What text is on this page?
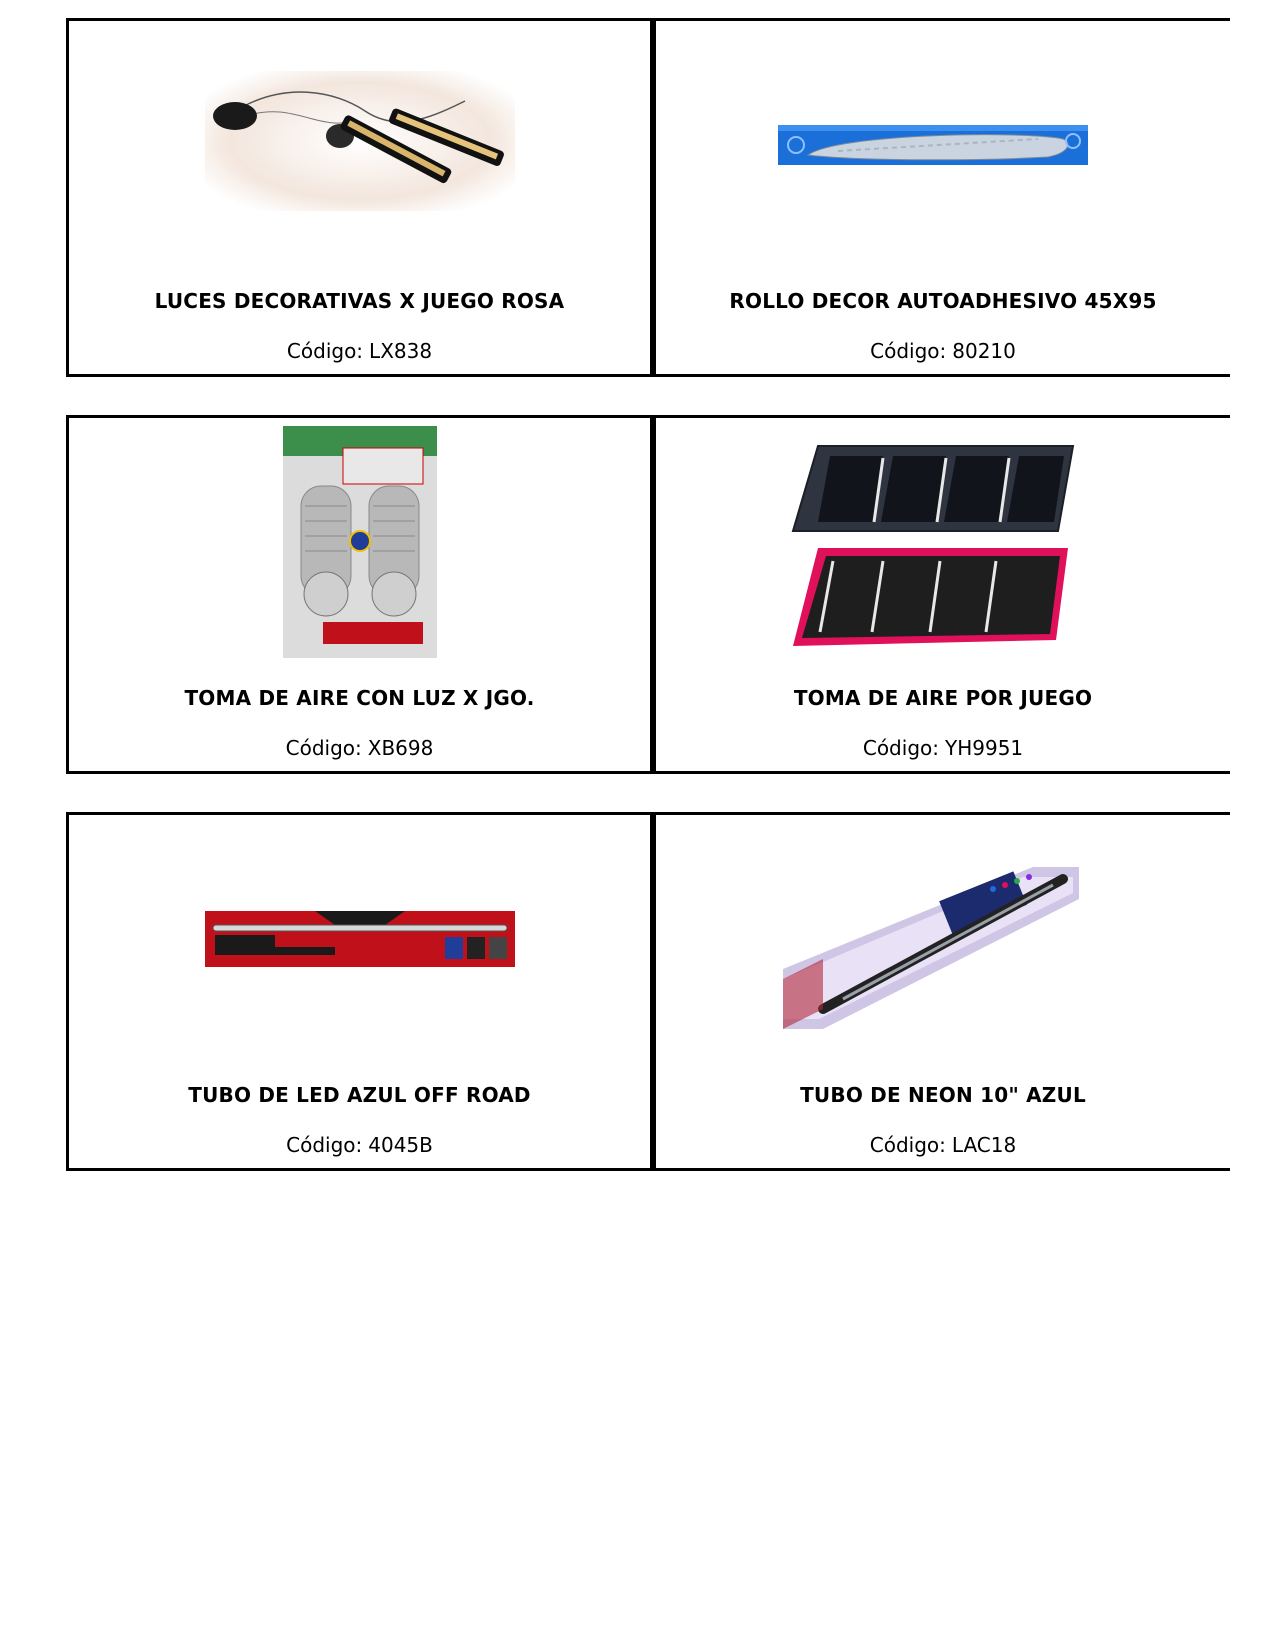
LUCES DECORATIVAS X JUEGO ROSA
Código: LX838
ROLLO DECOR AUTOADHESIVO 45X95
Código: 80210
TOMA DE AIRE CON LUZ X JGO.
Código: XB698
TOMA DE AIRE POR JUEGO
Código: YH9951
TUBO DE LED AZUL OFF ROAD
Código: 4045B
TUBO DE NEON 10" AZUL
Código: LAC18
